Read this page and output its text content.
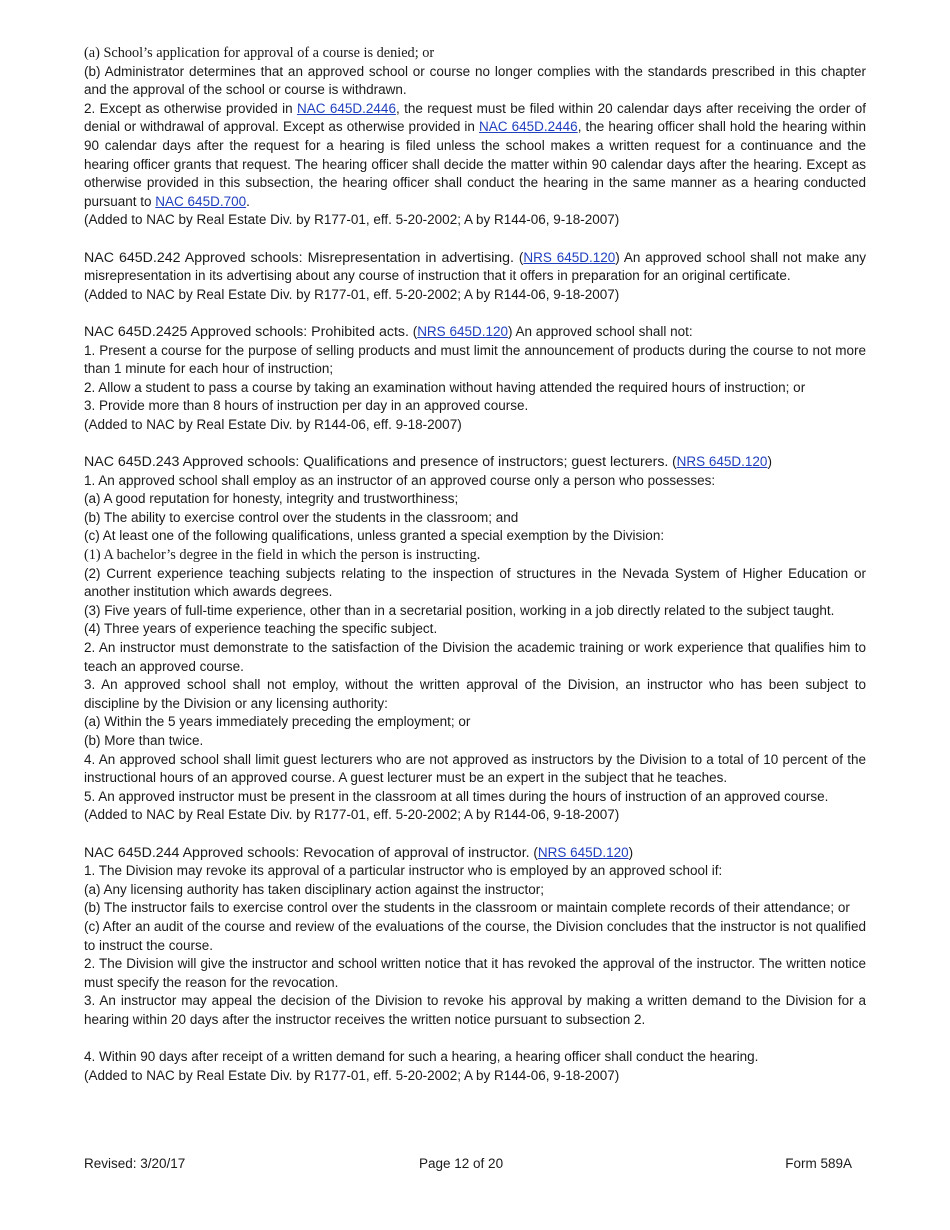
(a) School’s application for approval of a course is denied; or

(b) Administrator determines that an approved school or course no longer complies with the standards prescribed in this chapter and the approval of the school or course is withdrawn.

2. Except as otherwise provided in NAC 645D.2446, the request must be filed within 20 calendar days after receiving the order of denial or withdrawal of approval. Except as otherwise provided in NAC 645D.2446, the hearing officer shall hold the hearing within 90 calendar days after the request for a hearing is filed unless the school makes a written request for a continuance and the hearing officer grants that request. The hearing officer shall decide the matter within 90 calendar days after the hearing. Except as otherwise provided in this subsection, the hearing officer shall conduct the hearing in the same manner as a hearing conducted pursuant to NAC 645D.700.

(Added to NAC by Real Estate Div. by R177-01, eff. 5-20-2002; A by R144-06, 9-18-2007)

NAC 645D.242 Approved schools: Misrepresentation in advertising. (NRS 645D.120) An approved school shall not make any misrepresentation in its advertising about any course of instruction that it offers in preparation for an original certificate.

(Added to NAC by Real Estate Div. by R177-01, eff. 5-20-2002; A by R144-06, 9-18-2007)

NAC 645D.2425 Approved schools: Prohibited acts. (NRS 645D.120) An approved school shall not:

1. Present a course for the purpose of selling products and must limit the announcement of products during the course to not more than 1 minute for each hour of instruction;

2. Allow a student to pass a course by taking an examination without having attended the required hours of instruction; or

3. Provide more than 8 hours of instruction per day in an approved course.

(Added to NAC by Real Estate Div. by R144-06, eff. 9-18-2007)

NAC 645D.243 Approved schools: Qualifications and presence of instructors; guest lecturers. (NRS 645D.120)

1. An approved school shall employ as an instructor of an approved course only a person who possesses:

(a) A good reputation for honesty, integrity and trustworthiness;

(b) The ability to exercise control over the students in the classroom; and

(c) At least one of the following qualifications, unless granted a special exemption by the Division:

(1) A bachelor’s degree in the field in which the person is instructing.

(2) Current experience teaching subjects relating to the inspection of structures in the Nevada System of Higher Education or another institution which awards degrees.

(3) Five years of full-time experience, other than in a secretarial position, working in a job directly related to the subject taught.

(4) Three years of experience teaching the specific subject.

2. An instructor must demonstrate to the satisfaction of the Division the academic training or work experience that qualifies him to teach an approved course.

3. An approved school shall not employ, without the written approval of the Division, an instructor who has been subject to discipline by the Division or any licensing authority:

(a) Within the 5 years immediately preceding the employment; or

(b) More than twice.

4. An approved school shall limit guest lecturers who are not approved as instructors by the Division to a total of 10 percent of the instructional hours of an approved course. A guest lecturer must be an expert in the subject that he teaches.

5. An approved instructor must be present in the classroom at all times during the hours of instruction of an approved course.

(Added to NAC by Real Estate Div. by R177-01, eff. 5-20-2002; A by R144-06, 9-18-2007)

NAC 645D.244 Approved schools: Revocation of approval of instructor. (NRS 645D.120)

1. The Division may revoke its approval of a particular instructor who is employed by an approved school if:

(a) Any licensing authority has taken disciplinary action against the instructor;

(b) The instructor fails to exercise control over the students in the classroom or maintain complete records of their attendance; or

(c) After an audit of the course and review of the evaluations of the course, the Division concludes that the instructor is not qualified to instruct the course.

2. The Division will give the instructor and school written notice that it has revoked the approval of the instructor. The written notice must specify the reason for the revocation.

3. An instructor may appeal the decision of the Division to revoke his approval by making a written demand to the Division for a hearing within 20 days after the instructor receives the written notice pursuant to subsection 2.

4. Within 90 days after receipt of a written demand for such a hearing, a hearing officer shall conduct the hearing.

(Added to NAC by Real Estate Div. by R177-01, eff. 5-20-2002; A by R144-06, 9-18-2007)

Revised: 3/20/17	Page 12 of 20	Form 589A
